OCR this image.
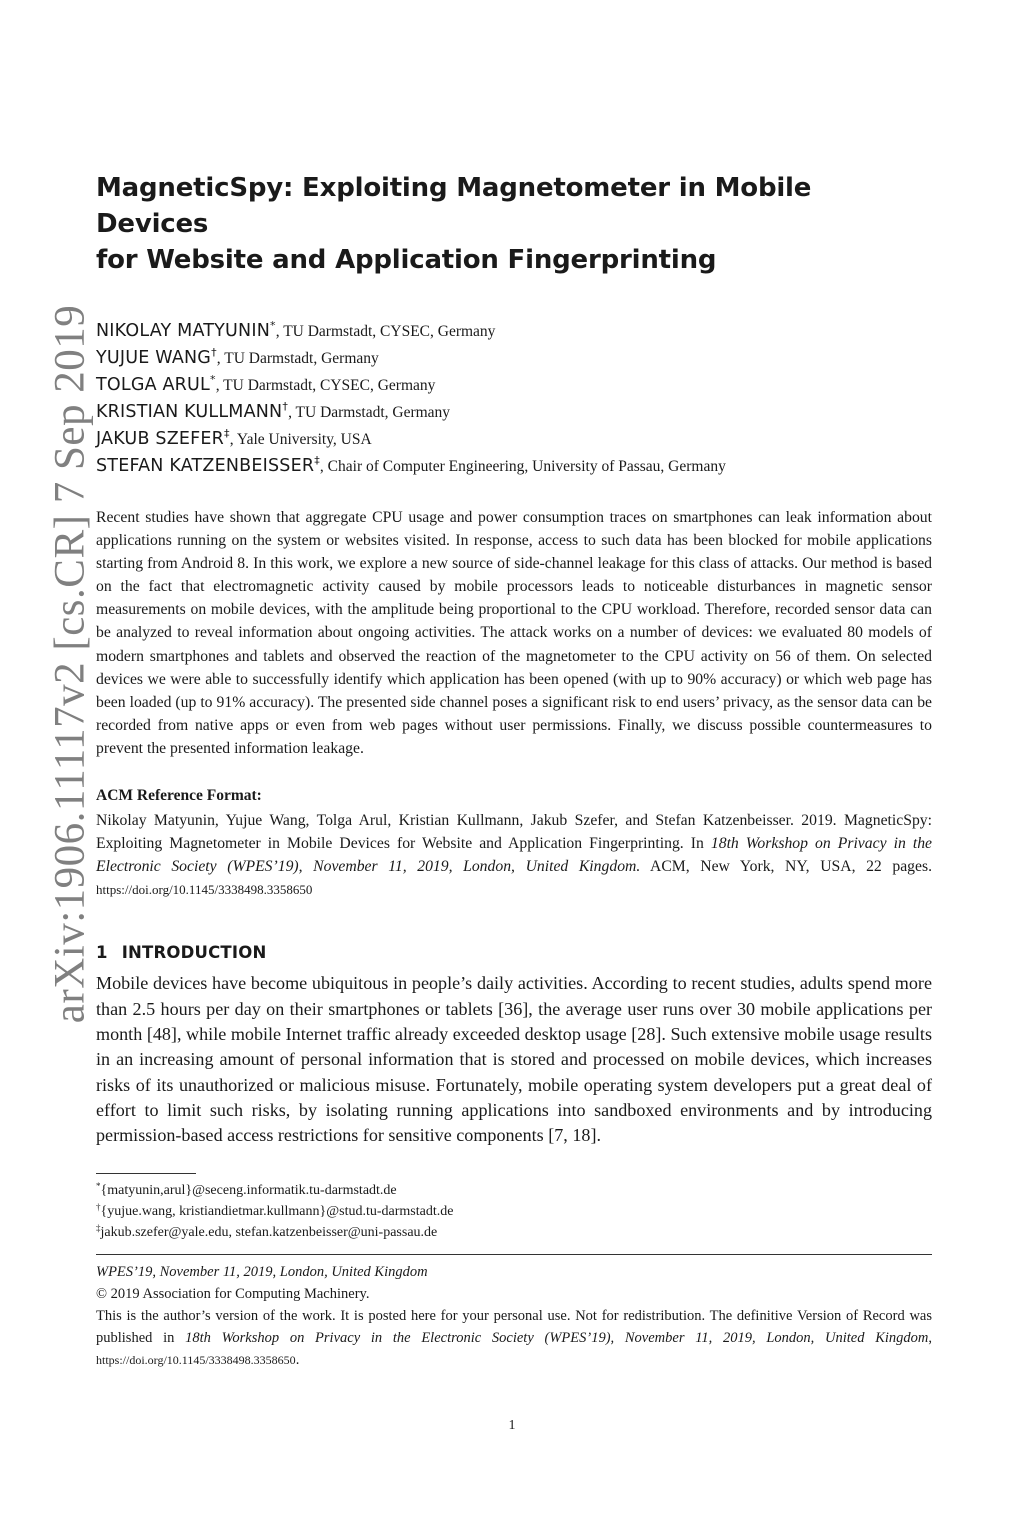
arXiv:1906.11117v2 [cs.CR] 7 Sep 2019
MagneticSpy: Exploiting Magnetometer in Mobile Devices
for Website and Application Fingerprinting
NIKOLAY MATYUNIN*, TU Darmstadt, CYSEC, Germany
YUJUE WANG†, TU Darmstadt, Germany
TOLGA ARUL*, TU Darmstadt, CYSEC, Germany
KRISTIAN KULLMANN†, TU Darmstadt, Germany
JAKUB SZEFER‡, Yale University, USA
STEFAN KATZENBEISSER‡, Chair of Computer Engineering, University of Passau, Germany

Recent studies have shown that aggregate CPU usage and power consumption traces on smartphones can leak information about applications running on the system or websites visited. In response, access to such data has been blocked for mobile applications starting from Android 8. In this work, we explore a new source of side-channel leakage for this class of attacks. Our method is based on the fact that electromagnetic activity caused by mobile processors leads to noticeable disturbances in magnetic sensor measurements on mobile devices, with the amplitude being proportional to the CPU workload. Therefore, recorded sensor data can be analyzed to reveal information about ongoing activities. The attack works on a number of devices: we evaluated 80 models of modern smartphones and tablets and observed the reaction of the magnetometer to the CPU activity on 56 of them. On selected devices we were able to successfully identify which application has been opened (with up to 90% accuracy) or which web page has been loaded (up to 91% accuracy). The presented side channel poses a significant risk to end users’ privacy, as the sensor data can be recorded from native apps or even from web pages without user permissions. Finally, we discuss possible countermeasures to prevent the presented information leakage.

ACM Reference Format:

Nikolay Matyunin, Yujue Wang, Tolga Arul, Kristian Kullmann, Jakub Szefer, and Stefan Katzenbeisser. 2019. MagneticSpy: Exploiting Magnetometer in Mobile Devices for Website and Application Fingerprinting. In 18th Workshop on Privacy in the Electronic Society (WPES’19), November 11, 2019, London, United Kingdom. ACM, New York, NY, USA, 22 pages. https://doi.org/10.1145/3338498.3358650

1 INTRODUCTION

Mobile devices have become ubiquitous in people’s daily activities. According to recent studies, adults spend more than 2.5 hours per day on their smartphones or tablets [36], the average user runs over 30 mobile applications per month [48], while mobile Internet traffic already exceeded desktop usage [28]. Such extensive mobile usage results in an increasing amount of personal information that is stored and processed on mobile devices, which increases risks of its unauthorized or malicious misuse. Fortunately, mobile operating system developers put a great deal of effort to limit such risks, by isolating running applications into sandboxed environments and by introducing permission-based access restrictions for sensitive components [7, 18].

*{matyunin,arul}@seceng.informatik.tu-darmstadt.de
†{yujue.wang, kristiandietmar.kullmann}@stud.tu-darmstadt.de
‡jakub.szefer@yale.edu, stefan.katzenbeisser@uni-passau.de
WPES’19, November 11, 2019, London, United Kingdom
© 2019 Association for Computing Machinery.
This is the author’s version of the work. It is posted here for your personal use. Not for redistribution. The definitive Version of Record was published in 18th Workshop on Privacy in the Electronic Society (WPES’19), November 11, 2019, London, United Kingdom, https://doi.org/10.1145/3338498.3358650.
1
